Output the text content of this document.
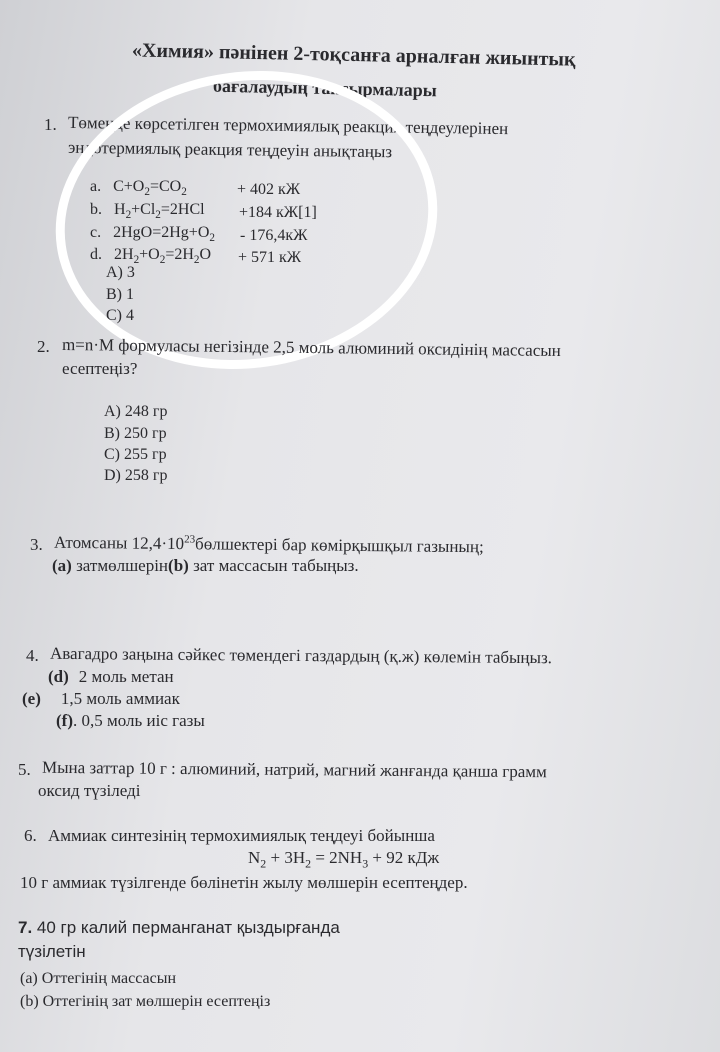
«Химия» пәнінен 2-тоқсанға арналған жиынтық
бағалаудың тапсырмалары
1. Төменде көрсетілген термохимиялық реакция теңдеулерінен
эндотермиялық реакция теңдеуін анықтаңыз
a. $C+O_2=CO_2$	+ 402 кЖ
b. $H_2+Cl_2=2HCl +184$ кЖ[1]
c. $2HgO=2Hg+O_2 - 176,4кЖ$
d. $2H_2+O_2=2H_2O + 571$ кЖ
A) 3
B) 1
C) 4
2. m=n·M формуласы негізінде 2,5 моль алюминий оксидінің массасын
есептеңіз?
A) 248 гр
B) 250 гр
C) 255 гр
D) 258 гр
3. Атомсаны $12,4\cdot 10^{23}бөлшектері$ бар көмірқышқыл газының;
(a) затмөлшерін(b) зат массасын табыңыз.
4. Авагадро заңына сәйкес төмендегі газдардың (қ.ж) көлемін табыңыз.
(d) 2 моль метан
(e) 1,5 моль аммиак
(f). 0,5 моль иіс газы
5. Мына заттар 10 г : алюминий, натрий, магний жанғанда қанша грамм
оксид түзіледі
6. Аммиак синтезінің термохимиялық теңдеуі бойынша
$N_2 + 3H_2 = 2NH_3 + 92$ кДж
10 г аммиак түзілгенде бөлінетін жылу мөлшерін есептеңдер.
7. 40 гр калий перманганат қыздырғанда
түзілетін
(a) Оттегінің массасын
(b) Оттегінің зат мөлшерін есептеңіз
